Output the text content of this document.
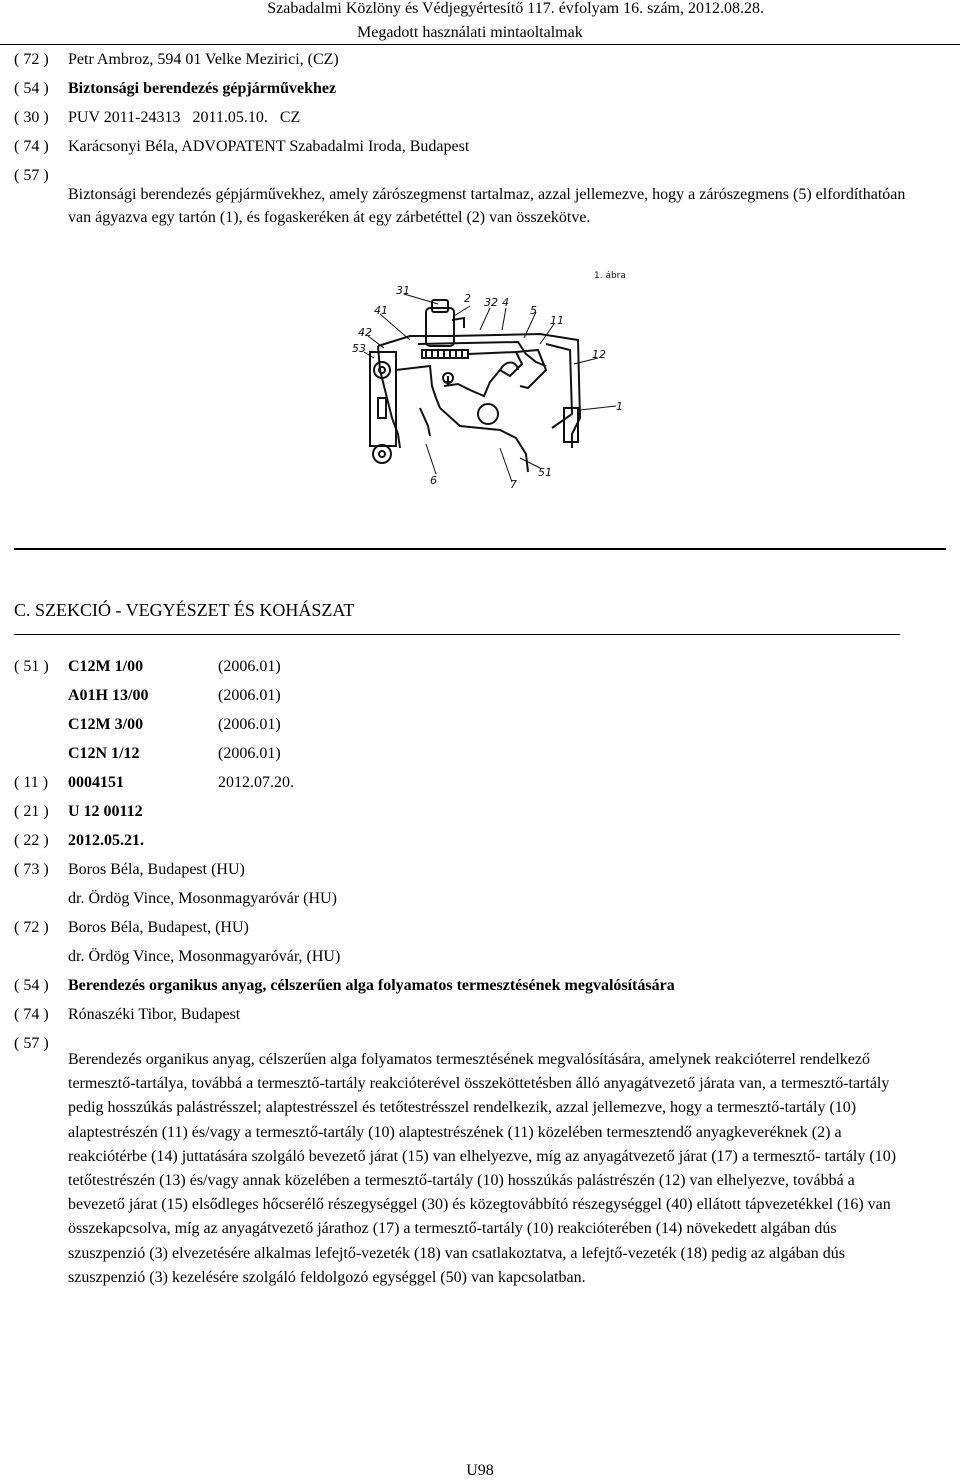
Szabadalmi Közlöny és Védjegyértesítő 117. évfolyam 16. szám, 2012.08.28.
Megadott használati mintaoltalmak
( 72 ) Petr Ambroz, 594 01 Velke Mezirici, (CZ)
( 54 ) Biztonsági berendezés gépjárművekhez
( 30 ) PUV 2011-24313   2011.05.10.   CZ
( 74 ) Karácsonyi Béla, ADVOPATENT Szabadalmi Iroda, Budapest
( 57 )
Biztonsági berendezés gépjárművekhez, amely zárószegmenst tartalmaz, azzal jellemezve, hogy a zárószegmens (5) elfordíthatóan van ágyazva egy tartón (1), és fogaskeréken át egy zárbetéttel (2) van összekötve.
1. ábra
31
2 32 4
5
41
11
42
53	12
1
6	7
51
C. SZEKCIÓ - VEGYÉSZET ÉS KOHÁSZAT
( 51 ) C12M 1/00	(2006.01)
A01H 13/00	(2006.01)
C12M 3/00	(2006.01)
C12N 1/12	(2006.01)
( 11 ) 0004151	2012.07.20.
( 21 ) U 12 00112
( 22 ) 2012.05.21.
( 73 ) Boros Béla, Budapest (HU)
dr. Ördög Vince, Mosonmagyaróvár (HU)
( 72 ) Boros Béla, Budapest, (HU)
dr. Ördög Vince, Mosonmagyaróvár, (HU)
( 54 ) Berendezés organikus anyag, célszerűen alga folyamatos termesztésének megvalósítására
( 74 ) Rónaszéki Tibor, Budapest
( 57 )
Berendezés organikus anyag, célszerűen alga folyamatos termesztésének megvalósítására, amelynek reakcióterrel rendelkező termesztő-tartálya, továbbá a termesztő-tartály reakcióterével összeköttetésben álló anyagátvezető járata van, a termesztő-tartály pedig hosszúkás palástrésszel; alaptestrésszel és tetőtestrésszel rendelkezik, azzal jellemezve, hogy a termesztő-tartály (10) alaptestrészén (11) és/vagy a termesztő-tartály (10) alaptestrészének (11) közelében termesztendő anyagkeveréknek (2) a reakciótérbe (14) juttatására szolgáló bevezető járat (15) van elhelyezve, míg az anyagátvezető járat (17) a termesztő- tartály (10) tetőtestrészén (13) és/vagy annak közelében a termesztő-tartály (10) hosszúkás palástrészén (12) van elhelyezve, továbbá a bevezető járat (15) elsődleges hőcserélő részegységgel (30) és közegtovábbító részegységgel (40) ellátott tápvezetékkel (16) van összekapcsolva, míg az anyagátvezető járathoz (17) a termesztő-tartály (10) reakcióterében (14) növekedett algában dús szuszpenzió (3) elvezetésére alkalmas lefejtő-vezeték (18) van csatlakoztatva, a lefejtő-vezeték (18) pedig az algában dús szuszpenzió (3) kezelésére szolgáló feldolgozó egységgel (50) van kapcsolatban.
U98
